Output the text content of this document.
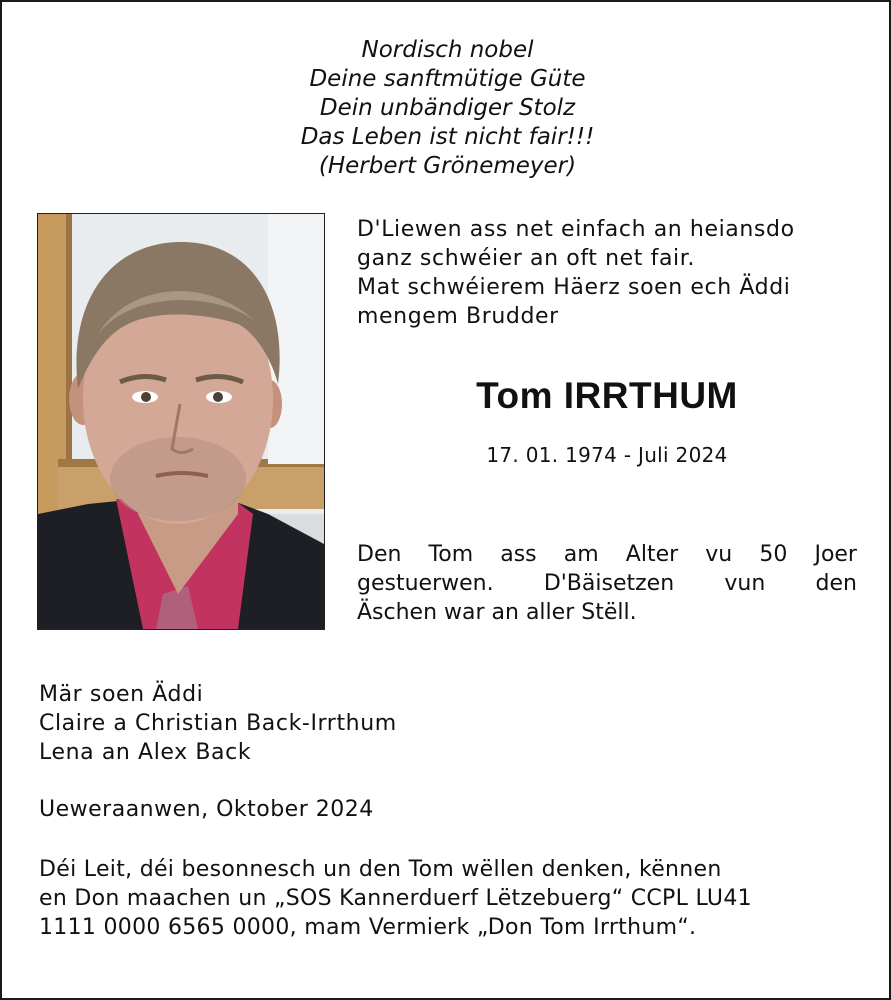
Nordisch nobel
Deine sanftmütige Güte
Dein unbändiger Stolz
Das Leben ist nicht fair!!!
(Herbert Grönemeyer)
D'Liewen ass net einfach an heiansdo
ganz schwéier an oft net fair.
Mat schwéierem Häerz soen ech Äddi
mengem Brudder
Tom IRRTHUM
17. 01. 1974 - Juli 2024
Den Tom ass am Alter vu 50 Joer
gestuerwen. D'Bäisetzen vun den
Äschen war an aller Stëll.
Mär soen Äddi
Claire a Christian Back-Irrthum
Lena an Alex Back
Ueweraanwen, Oktober 2024
Déi Leit, déi besonnesch un den Tom wëllen denken, kënnen
en Don maachen un „SOS Kannerduerf Lëtzebuerg“ CCPL LU41
1111 0000 6565 0000, mam Vermierk „Don Tom Irrthum“.
